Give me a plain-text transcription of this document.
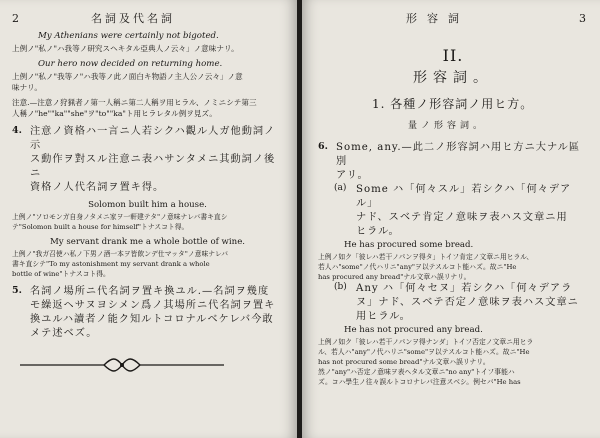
2	名詞及代名詞
My Athenians were certainly not bigoted.
上例ノ"私ノ"ハ我等ノ研究スヘキタル亞典人ノ云々」ノ意味ナリ。
Our hero now decided on returning home.
上例ノ"私ノ"我等ノ"ハ我等ノ此ノ面白キ物語ノ主人公ノ云々」ノ意
味ナリ。
注意.—注意ノ狩猟者ノ第一人稱ニ第二人稱ヲ用ヒラル、ノミニシテ第三
人稱ノ"he""ka""she"ヲ"to""ka"ト用ヒラレタル例ヲ見ズ。
4. 注意ノ資格ハ一言ニ人若シクハ觀ル人ガ他動詞ノ示
ス動作ヲ對スル注意ニ表ハサンタメニ其動詞ノ後ニ
資格ノ人代名詞ヲ置キ得。
Solomon built him a house.
上例ノ"ソロモンガ自身ノタメニ家ヲ一軒建テタ"ノ意味ナレバ書キ直シ
テ"Solomon built a house for himself"トナスコト得。
My servant drank me a whole bottle of wine.
上例ノ"我ガ召使ハ私ノ下男ノ酒一本ヲ皆飲ンデ仕マッタ"ノ意味ナレバ
書キ直シテ"To my astonishment my servant drank a whole
bottle of wine"トナスコト得。
5. 名詞ノ場所ニ代名詞ヲ置キ換ユル.—名詞ヲ幾度
モ繰返ヘサヌヨシメン爲ノ其場所ニ代名詞ヲ置キ
換ユルハ讀者ノ能ク知ルトコロナルベケレバ今敢
メテ述ベズ。
形容詞	3
II.
形容詞。
1. 各種ノ形容詞ノ用ヒ方。
量ノ形容詞。
6. Some, any.—此二ノ形容詞ハ用ヒ方ニ大ナル區別
アリ。
(a) Some ハ「何々スル」若シクハ「何々デアル」
ナド、スベテ肯定ノ意味ヲ表ハス文章ニ用
ヒラル。
He has procured some bread.
上例ノ如ク「彼レハ若干ノパンヲ得タ」トイフ肯定ノ文章ニ用ヒラル、
若人ハ"some"ノ代ハリニ"any"ヲ以テスルコト能ハズ。故ニ"He
has procured any bread"ナル文章ハ誤リナリ。
(b) Any ハ「何々セヌ」若シクハ「何々デアラ
ヌ」ナド、スベテ否定ノ意味ヲ表ハス文章ニ
用ヒラル。
He has not procured any bread.
上例ノ如ク「彼レハ若干ノパンヲ得ナンダ」トイフ否定ノ文章ニ用ヒラ
ル、若人ハ"any"ノ代ハリニ"some"ヲ以テスルコト能ハズ。故ニ"He
has not procured some bread"ナル文章ハ誤リナリ。
然ノ"any"ハ否定ノ意味ヲ表ヘタル文章ニ"no any"トイフ事能ハ
ズ。コハ學生ノ往々誤ルトコロナレバ注意スベシ。例セバ"He has
